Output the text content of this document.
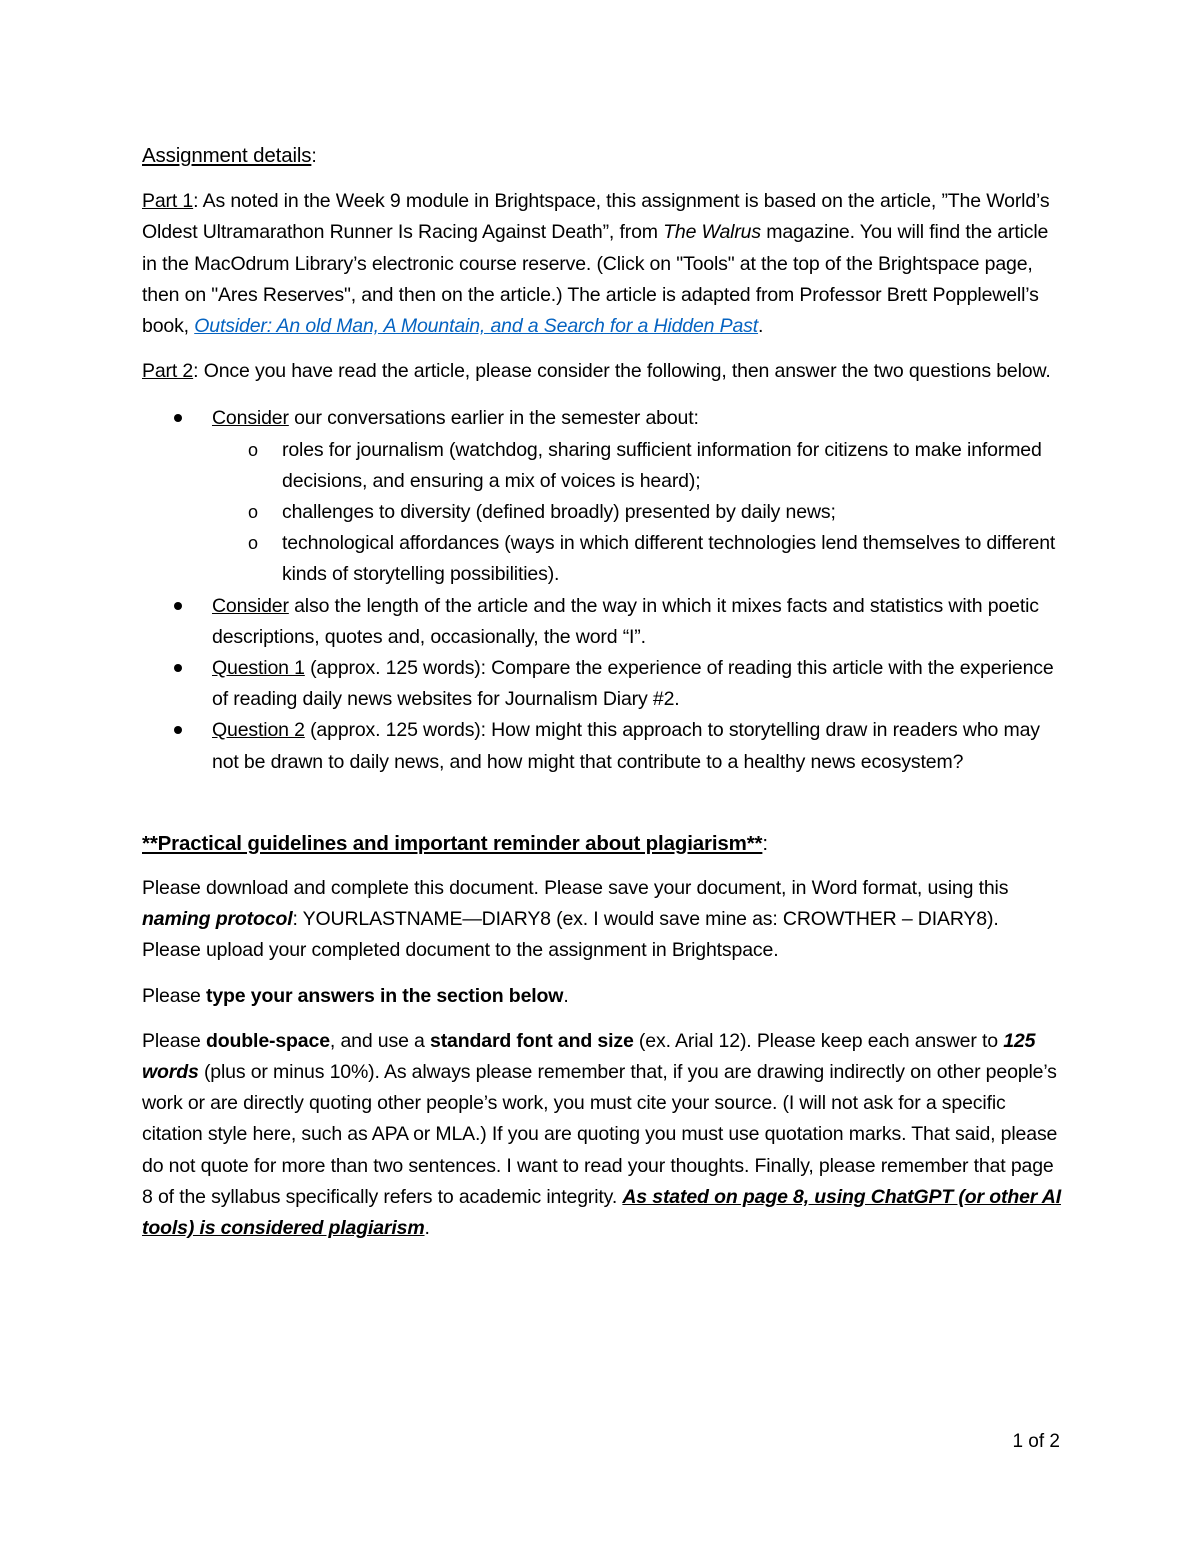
Assignment details:

Part 1: As noted in the Week 9 module in Brightspace, this assignment is based on the article, ”The World’s Oldest Ultramarathon Runner Is Racing Against Death”, from The Walrus magazine. You will find the article in the MacOdrum Library’s electronic course reserve. (Click on "Tools" at the top of the Brightspace page, then on "Ares Reserves", and then on the article.) The article is adapted from Professor Brett Popplewell’s book, Outsider: An old Man, A Mountain, and a Search for a Hidden Past.

Part 2: Once you have read the article, please consider the following, then answer the two questions below.

Consider our conversations earlier in the semester about:
o roles for journalism (watchdog, sharing sufficient information for citizens to make informed decisions, and ensuring a mix of voices is heard);
o challenges to diversity (defined broadly) presented by daily news;
o technological affordances (ways in which different technologies lend themselves to different kinds of storytelling possibilities).
Consider also the length of the article and the way in which it mixes facts and statistics with poetic descriptions, quotes and, occasionally, the word “I”.
Question 1 (approx. 125 words): Compare the experience of reading this article with the experience of reading daily news websites for Journalism Diary #2.
Question 2 (approx. 125 words): How might this approach to storytelling draw in readers who may not be drawn to daily news, and how might that contribute to a healthy news ecosystem?

**Practical guidelines and important reminder about plagiarism**:

Please download and complete this document. Please save your document, in Word format, using this naming protocol: YOURLASTNAME—DIARY8 (ex. I would save mine as: CROWTHER – DIARY8). Please upload your completed document to the assignment in Brightspace.

Please type your answers in the section below.

Please double-space, and use a standard font and size (ex. Arial 12). Please keep each answer to 125 words (plus or minus 10%). As always please remember that, if you are drawing indirectly on other people’s work or are directly quoting other people’s work, you must cite your source. (I will not ask for a specific citation style here, such as APA or MLA.) If you are quoting you must use quotation marks. That said, please do not quote for more than two sentences. I want to read your thoughts. Finally, please remember that page 8 of the syllabus specifically refers to academic integrity. As stated on page 8, using ChatGPT (or other AI tools) is considered plagiarism.

1 of 2
